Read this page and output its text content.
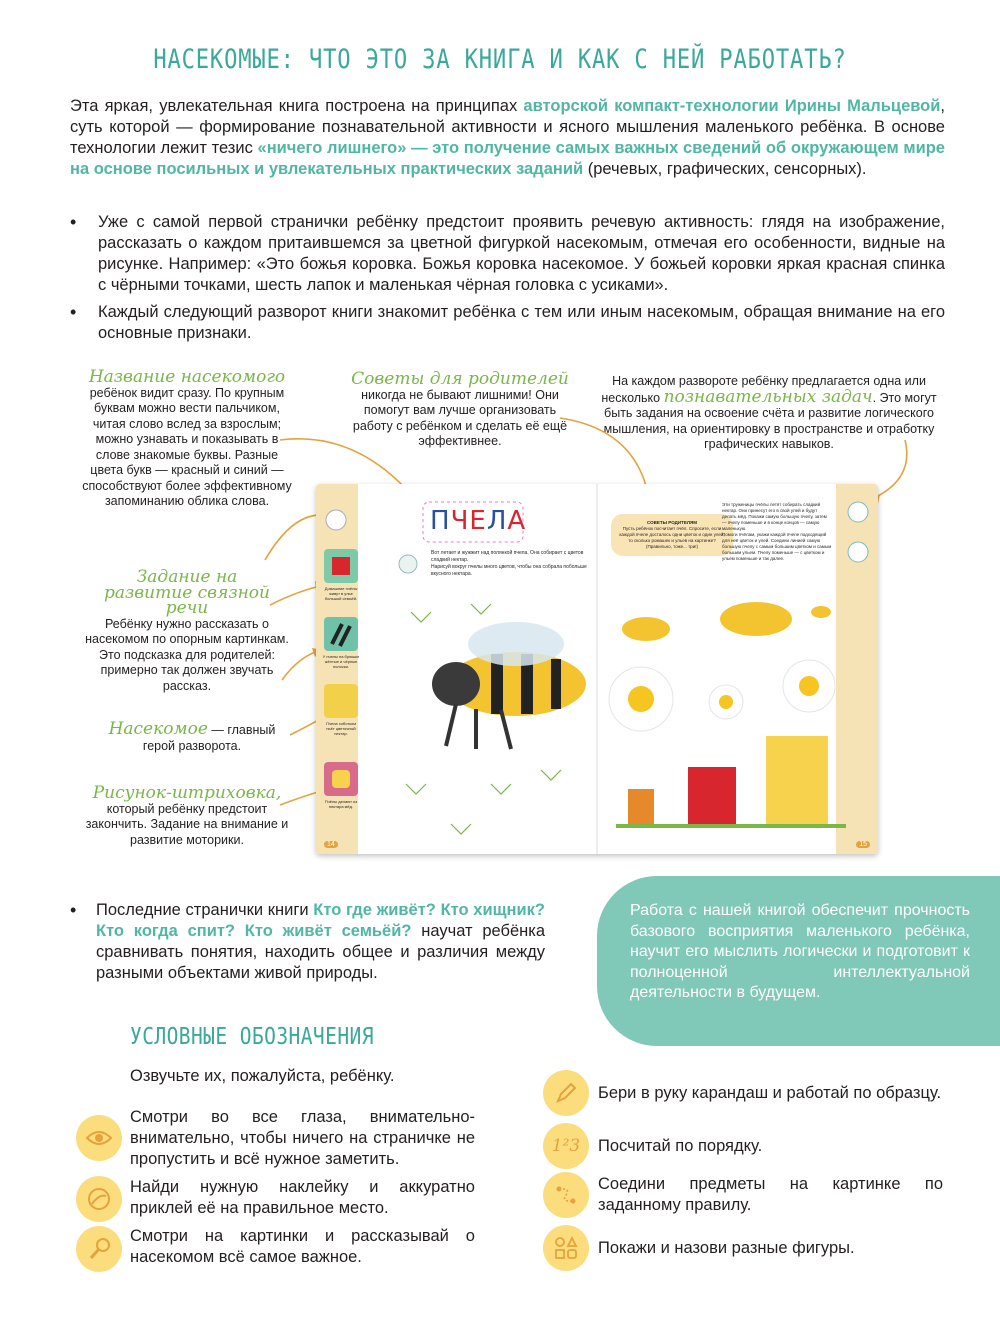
НАСЕКОМЫЕ: ЧТО ЭТО ЗА КНИГА И КАК С НЕЙ РАБОТАТЬ?
Эта яркая, увлекательная книга построена на принципах авторской компакт-технологии Ирины Мальцевой, суть которой — формирование познавательной активности и ясного мышления маленького ребёнка. В основе технологии лежит тезис «ничего лишнего» — это получение самых важных сведений об окружающем мире на основе посильных и увлекательных практических заданий (речевых, графических, сенсорных).
• Уже с самой первой странички ребёнку предстоит проявить речевую активность: глядя на изображение, рассказать о каждом притаившемся за цветной фигуркой насекомым, отмечая его особенности, видные на рисунке. Например: «Это божья коровка. Божья коровка насекомое. У божьей коровки яркая красная спинка с чёрными точками, шесть лапок и маленькая чёрная головка с усиками».
• Каждый следующий разворот книги знакомит ребёнка с тем или иным насекомым, обращая внимание на его основные признаки.
Название насекомого
ребёнок видит сразу. По крупным буквам можно вести пальчиком, читая слово вслед за взрослым; можно узнавать и показывать в слове знакомые буквы. Разные цвета букв — красный и синий — способствуют более эффективному запоминанию облика слова.
Задание на развитие связной речи
Ребёнку нужно рассказать о насекомом по опорным картинкам. Это подсказка для родителей: примерно так должен звучать рассказ.
Насекомое — главный герой разворота.
Рисунок-штриховка,
который ребёнку предстоит закончить. Задание на внимание и развитие моторики.
Советы для родителей
никогда не бывают лишними! Они помогут вам лучше организовать работу с ребёнком и сделать её ещё эффективнее.
На каждом развороте ребёнку предлагается одна или несколько познавательных задач. Это могут быть задания на освоение счёта и развитие логического мышления, на ориентировку в пространстве и отработку графических навыков.
ПЧЕЛА
Вот летает и жужжит над полянкой пчела. Она собирает с цветов сладкий нектар.
Нарисуй вокруг пчелы много цветов, чтобы она собрала побольше вкусного нектара.
СОВЕТЫ РОДИТЕЛЯМ
Пусть ребёнок посчитает пчёл. Спросите, если каждой пчеле досталось одни цветок и один улей, то сколько ромашек и ульев на картинке? (Правильно, тоже... три!)
Эти труженицы пчёлы летят собирать сладкий нектар. Они принесут его в свой улей и будут делать мёд. Покажи самую большую пчелу, затем — пчелу поменьше и в конце концов — самую маленькую.
Помоги пчёлам, укажи каждой пчеле подходящий для неё цветок и улей. Соедини линией самую большую пчелу с самым большим цветком и самым большим ульем. Пчелу поменьше — с цветком и ульем поменьше и так далее.
Домашние пчёлы живут в улье большой семьёй.
У пчелы на брюшке жёлтые и чёрные полоски.
Пчела хоботком пьёт цветочный нектар.
Пчёлы делают из нектара мёд.
14	15
• Последние странички книги Кто где живёт? Кто хищник? Кто когда спит? Кто живёт семьёй? научат ребёнка сравнивать понятия, находить общее и различия между разными объектами живой природы.
Работа с нашей книгой обеспечит прочность базового восприятия маленького ребёнка, научит его мыслить логически и подготовит к полноценной интеллектуальной деятельности в будущем.
УСЛОВНЫЕ ОБОЗНАЧЕНИЯ
Озвучьте их, пожалуйста, ребёнку.
Смотри во все глаза, внимательно-внимательно, чтобы ничего на страничке не пропустить и всё нужное заметить.
Найди нужную наклейку и аккуратно приклей её на правильное место.
Смотри на картинки и рассказывай о насекомом всё самое важное.
Бери в руку карандаш и работай по образцу.
1²3 Посчитай по порядку.
Соедини предметы на картинке по заданному правилу.
Покажи и назови разные фигуры.
